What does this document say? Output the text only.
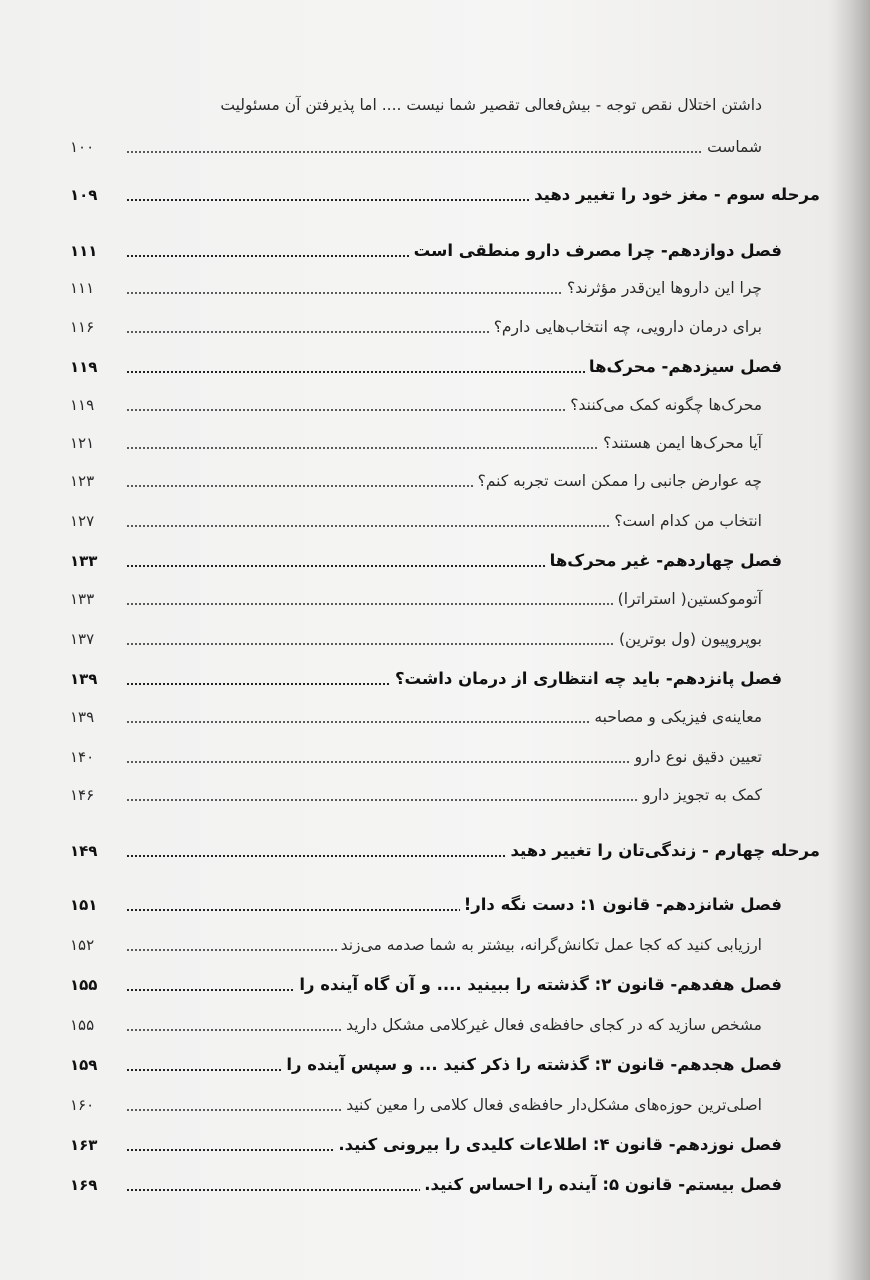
داشتن اختلال نقص توجه - بیش‌فعالی تقصیر شما نیست .... اما پذیرفتن آن مسئولیت
۱۰۰	شماست
۱۰۹	مرحله سوم - مغز خود را تغییر دهید
۱۱۱	فصل دوازدهم- چرا مصرف دارو منطقی است
۱۱۱	چرا این داروها این‌قدر مؤثرند؟
۱۱۶	برای درمان دارویی، چه انتخاب‌هایی دارم؟
۱۱۹	فصل سیزدهم- محرک‌ها
۱۱۹	محرک‌ها چگونه کمک می‌کنند؟
۱۲۱	آیا محرک‌ها ایمن هستند؟
۱۲۳	چه عوارض جانبی را ممکن است تجربه کنم؟
۱۲۷	انتخاب من کدام است؟
۱۳۳	فصل چهاردهم- غیر محرک‌ها
۱۳۳	آتوموکستین( استراترا)
۱۳۷	بوپروپیون (ول بوترین)
۱۳۹	فصل پانزدهم- باید چه انتظاری از درمان داشت؟
۱۳۹	معاینه‌ی فیزیکی و مصاحبه
۱۴۰	تعیین دقیق نوع دارو
۱۴۶	کمک به تجویز دارو
۱۴۹	مرحله چهارم - زندگی‌تان را تغییر دهید
۱۵۱	فصل شانزدهم- قانون ۱: دست نگه دار!
۱۵۲	ارزیابی کنید که کجا عمل تکانش‌گرانه، بیشتر به شما صدمه می‌زند
۱۵۵	فصل هفدهم- قانون ۲: گذشته را ببینید .... و آن گاه آینده را
۱۵۵	مشخص سازید که در کجای حافظه‌ی فعال غیرکلامی مشکل دارید
۱۵۹	فصل هجدهم- قانون ۳: گذشته را ذکر کنید ... و سپس آینده را
۱۶۰	اصلی‌ترین حوزه‌های مشکل‌دار حافظه‌ی فعال کلامی را معین کنید
۱۶۳	فصل نوزدهم- قانون ۴: اطلاعات کلیدی را بیرونی کنید.
۱۶۹	فصل بیستم- قانون ۵: آینده را احساس کنید.
